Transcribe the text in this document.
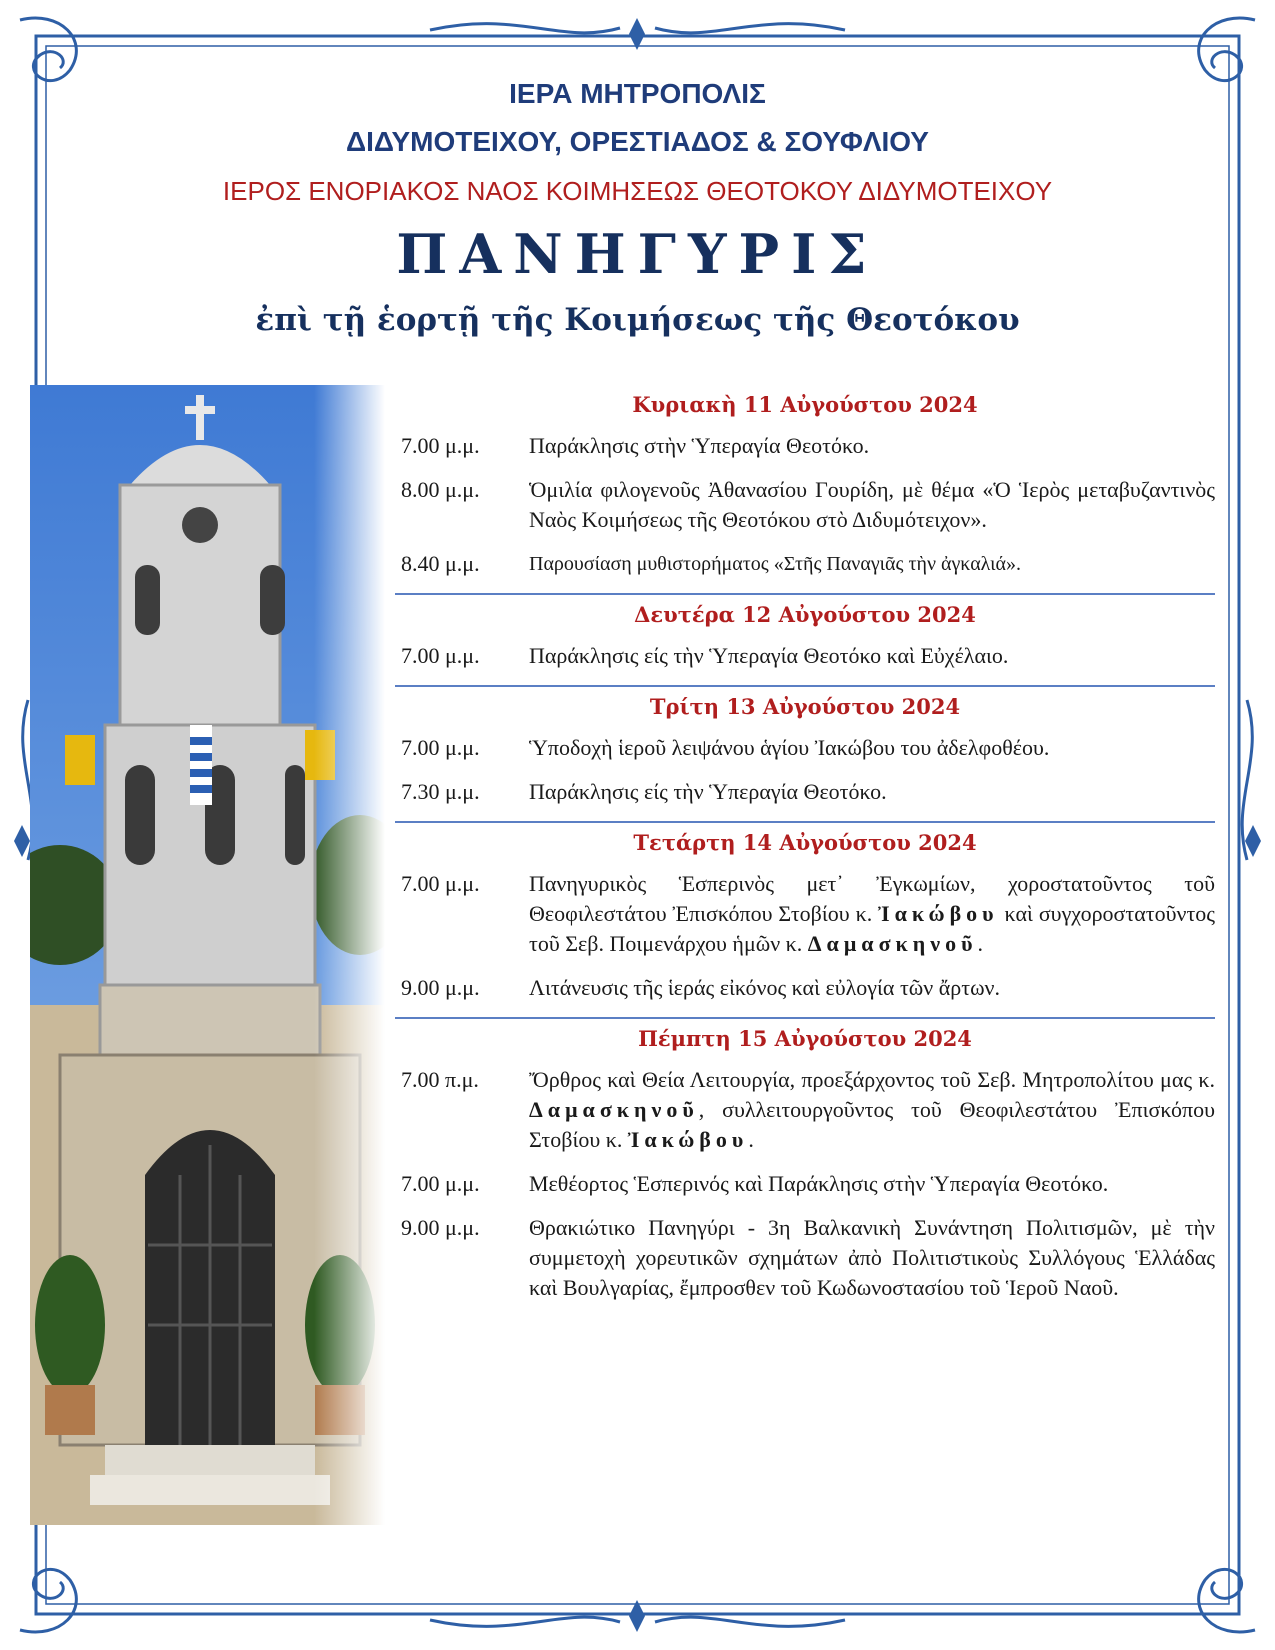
ΙΕΡΑ ΜΗΤΡΟΠΟΛΙΣ
ΔΙΔΥΜΟΤΕΙΧΟΥ, ΟΡΕΣΤΙΑΔΟΣ & ΣΟΥΦΛΙΟΥ
ΙΕΡΟΣ ΕΝΟΡΙΑΚΟΣ ΝΑΟΣ ΚΟΙΜΗΣΕΩΣ ΘΕΟΤΟΚΟΥ ΔΙΔΥΜΟΤΕΙΧΟΥ
ΠΑΝΗΓΥΡΙΣ
ἐπὶ τῇ ἑορτῇ τῆς Κοιμήσεως τῆς Θεοτόκου
Κυριακὴ 11 Αὐγούστου 2024
7.00 μ.μ.	Παράκλησις στὴν Ὑπεραγία Θεοτόκο.
8.00 μ.μ.	Ὁμιλία φιλογενοῦς Ἀθανασίου Γουρίδη, μὲ θέμα «Ὁ Ἱερὸς μεταβυζαντινὸς Ναὸς Κοιμήσεως τῆς Θεοτόκου στὸ Διδυμότειχον».
8.40 μ.μ.	Παρουσίαση μυθιστορήματος «Στῆς Παναγιᾶς τὴν ἀγκαλιά».
Δευτέρα 12 Αὐγούστου 2024
7.00 μ.μ.	Παράκλησις είς τὴν Ὑπεραγία Θεοτόκο καὶ Εὐχέλαιο.
Τρίτη 13 Αὐγούστου 2024
7.00 μ.μ.	Ὑποδοχὴ ἱεροῦ λειψάνου ἁγίου Ἰακώβου του ἀδελφοθέου.
7.30 μ.μ.	Παράκλησις είς τὴν Ὑπεραγία Θεοτόκο.
Τετάρτη 14 Αὐγούστου 2024
7.00 μ.μ.	Πανηγυρικὸς Ἑσπερινὸς μετ᾽ Ἐγκωμίων, χοροστατοῦντος τοῦ Θεοφιλεστάτου Ἐπισκόπου Στοβίου κ. Ἰακώβου καὶ συγχοροστατοῦντος τοῦ Σεβ. Ποιμενάρχου ἡμῶν κ. Δαμασκηνοῦ.
9.00 μ.μ.	Λιτάνευσις τῆς ἱεράς εἰκόνος καὶ εὐλογία τῶν ἄρτων.
Πέμπτη 15 Αὐγούστου 2024
7.00 π.μ.	Ὄρθρος καὶ Θεία Λειτουργία, προεξάρχοντος τοῦ Σεβ. Μητροπολίτου μας κ. Δαμασκηνοῦ, συλλειτουργοῦντος τοῦ Θεοφιλεστάτου Ἐπισκόπου Στοβίου κ. Ἰακώβου.
7.00 μ.μ.	Μεθέορτος Ἑσπερινός καὶ Παράκλησις στὴν Ὑπεραγία Θεοτόκο.
9.00 μ.μ.	Θρακιώτικο Πανηγύρι - 3η Βαλκανικὴ Συνάντηση Πολιτισμῶν, μὲ τὴν συμμετοχὴ χορευτικῶν σχημάτων ἀπὸ Πολιτιστικοὺς Συλλόγους Ἑλλάδας καὶ Βουλγαρίας, ἔμπροσθεν τοῦ Κωδωνοστασίου τοῦ Ἱεροῦ Ναοῦ.
